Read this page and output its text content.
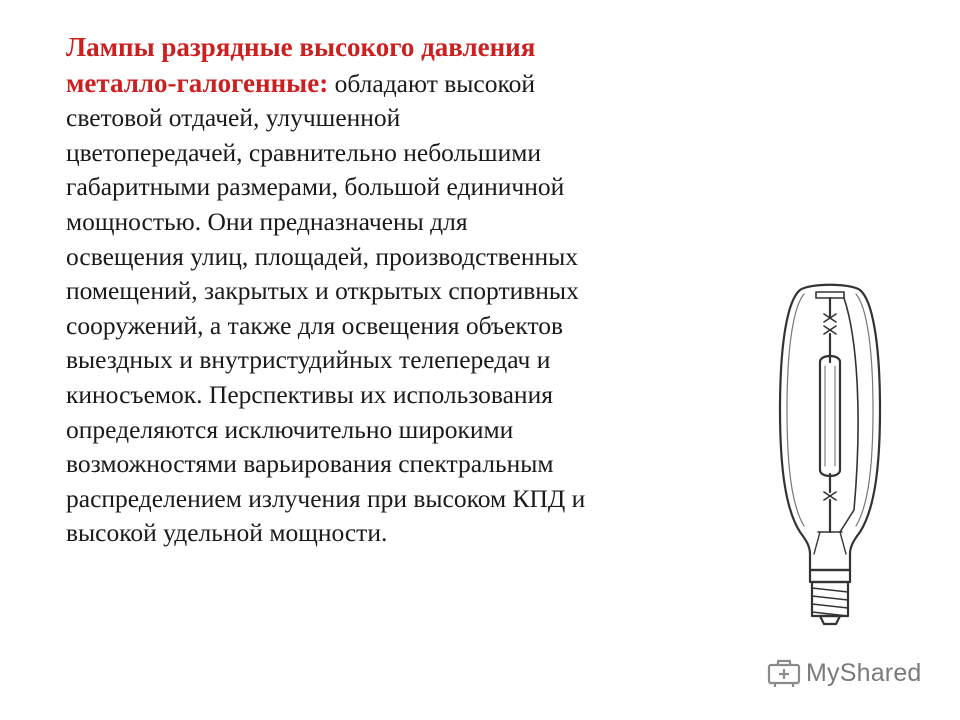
Лампы разрядные высокого давления
металло-галогенные: обладают высокой
световой отдачей, улучшенной
цветопередачей, сравнительно небольшими
габаритными размерами, большой единичной
мощностью. Они предназначены для
освещения улиц, площадей, производственных
помещений, закрытых и открытых спортивных
сооружений, а также для освещения объектов
выездных и внутристудийных телепередач и
киносъемок. Перспективы их использования
определяются исключительно широкими
возможностями варьирования спектральным
распределением излучения при высоком КПД и
высокой удельной мощности.
MyShared
